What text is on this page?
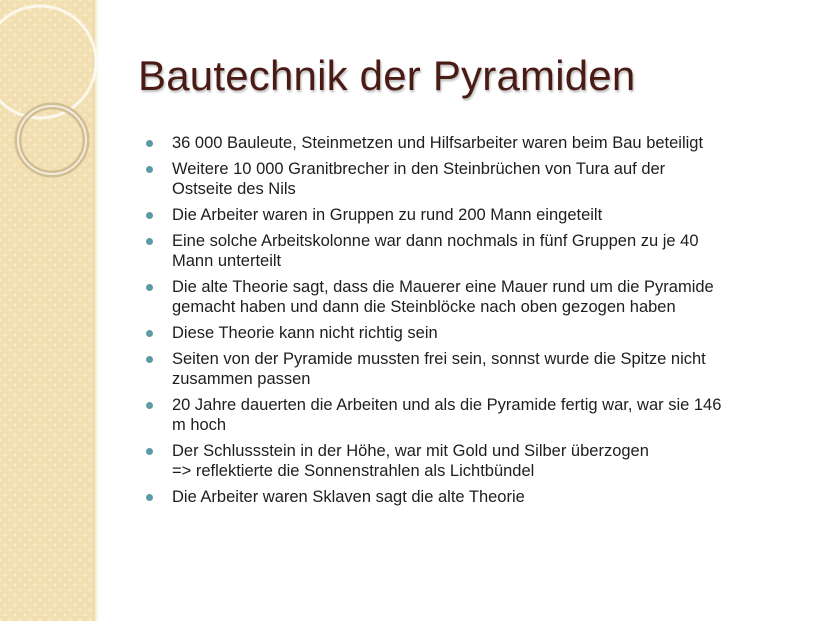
Bautechnik der Pyramiden
36 000 Bauleute, Steinmetzen und Hilfsarbeiter waren beim Bau beteiligt
Weitere 10 000 Granitbrecher in den Steinbrüchen von Tura auf der
Ostseite des Nils
Die Arbeiter waren in Gruppen zu rund 200 Mann eingeteilt
Eine solche Arbeitskolonne war dann nochmals in fünf Gruppen zu je 40
Mann unterteilt
Die alte Theorie sagt, dass die Mauerer eine Mauer rund um die Pyramide
gemacht haben und dann die Steinblöcke nach oben gezogen haben
Diese Theorie kann nicht richtig sein
Seiten von der Pyramide mussten frei sein, sonnst wurde die Spitze nicht
zusammen passen
20 Jahre dauerten die Arbeiten und als die Pyramide fertig war, war sie 146
m hoch
Der Schlussstein in der Höhe, war mit Gold und Silber überzogen
=> reflektierte die Sonnenstrahlen als Lichtbündel
Die Arbeiter waren Sklaven sagt die alte Theorie
